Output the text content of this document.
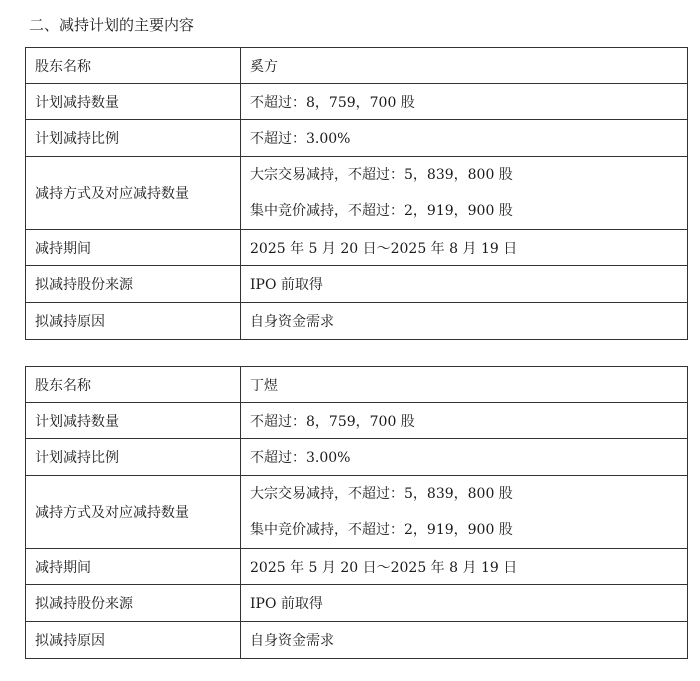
二、减持计划的主要内容
股东名称	奚方
计划减持数量	不超过：8，759，700 股
计划减持比例	不超过：3.00%
减持方式及对应减持数量	大宗交易减持，不超过：5，839，800 股
集中竞价减持，不超过：2，919，900 股

减持期间	2025 年 5 月 20 日～2025 年 8 月 19 日
拟减持股份来源	IPO 前取得
拟减持原因	自身资金需求
股东名称	丁煜
计划减持数量	不超过：8，759，700 股
计划减持比例	不超过：3.00%
减持方式及对应减持数量	大宗交易减持，不超过：5，839，800 股
集中竞价减持，不超过：2，919，900 股

减持期间	2025 年 5 月 20 日～2025 年 8 月 19 日
拟减持股份来源	IPO 前取得
拟减持原因	自身资金需求
